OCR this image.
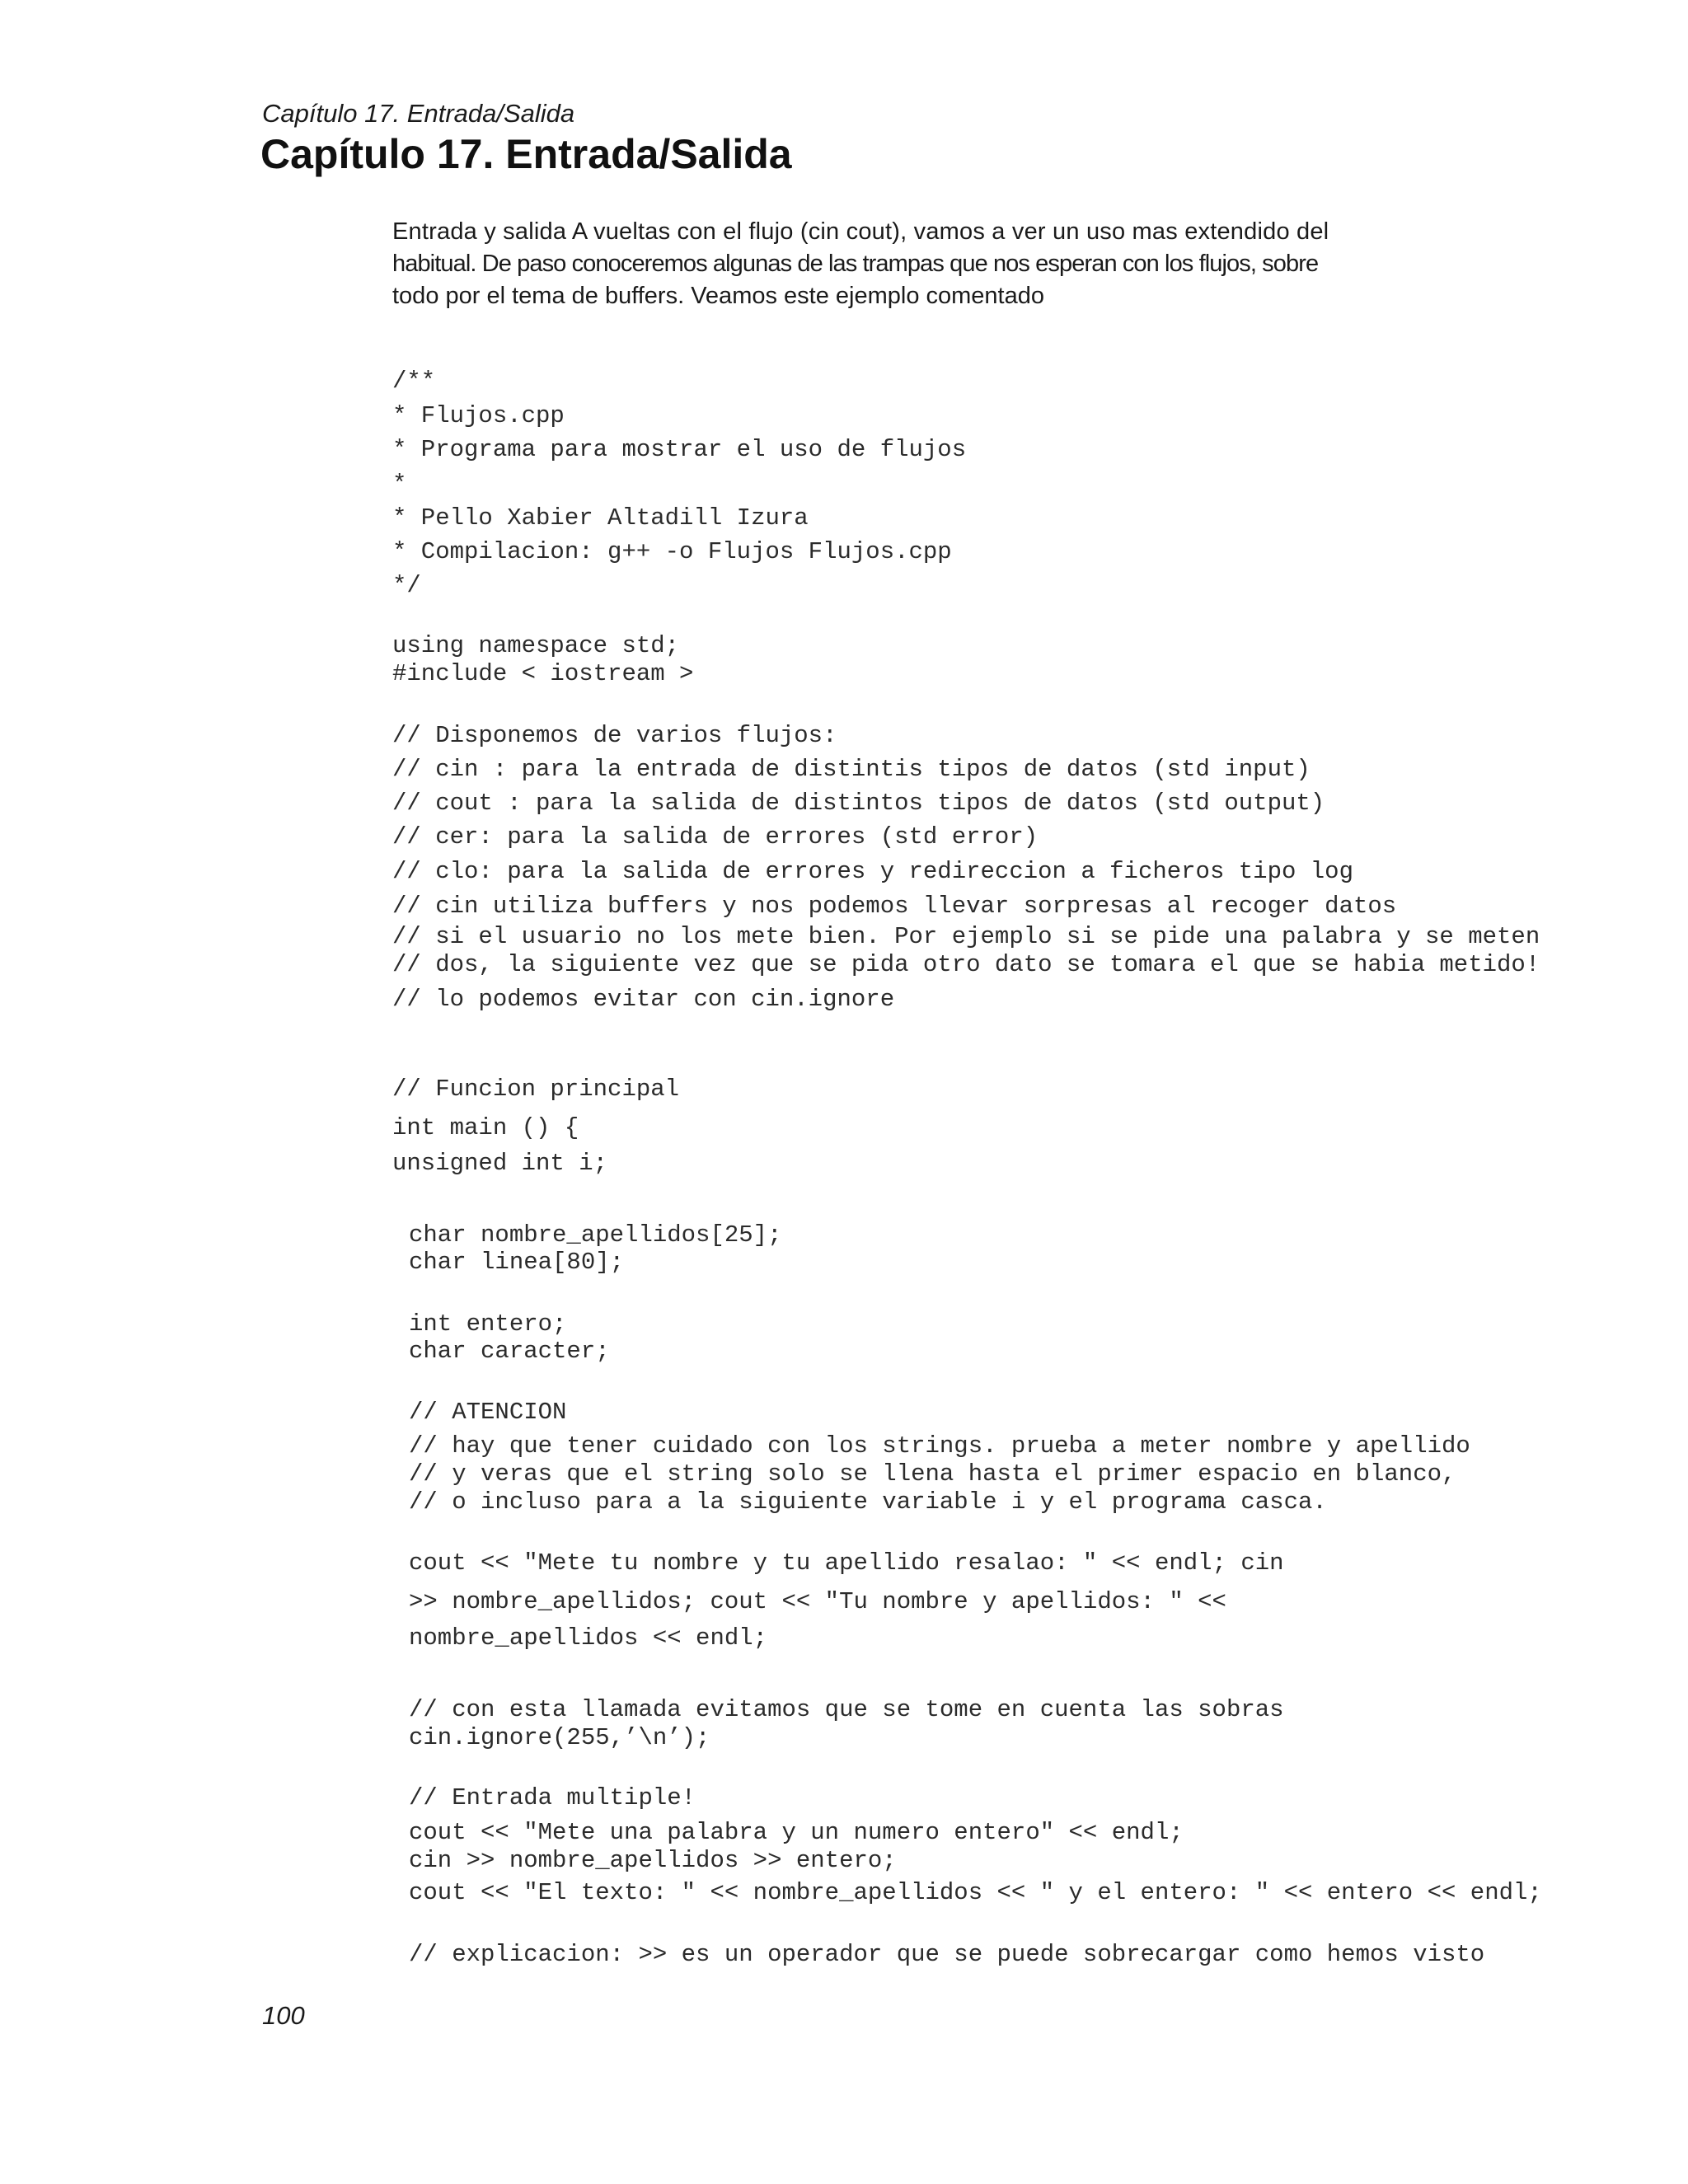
Capítulo 17. Entrada/Salida
Capítulo 17. Entrada/Salida
Entrada y salida A vueltas con el flujo (cin cout), vamos a ver un uso mas extendido del
habitual. De paso conoceremos algunas de las trampas que nos esperan con los flujos, sobre
todo por el tema de buffers. Veamos este ejemplo comentado
/**
* Flujos.cpp
* Programa para mostrar el uso de flujos
*
* Pello Xabier Altadill Izura
* Compilacion: g++ -o Flujos Flujos.cpp
*/
using namespace std;
#include < iostream >
// Disponemos de varios flujos:
// cin : para la entrada de distintis tipos de datos (std input)
// cout : para la salida de distintos tipos de datos (std output)
// cer: para la salida de errores (std error)
// clo: para la salida de errores y redireccion a ficheros tipo log
// cin utiliza buffers y nos podemos llevar sorpresas al recoger datos
// si el usuario no los mete bien. Por ejemplo si se pide una palabra y se meten
// dos, la siguiente vez que se pida otro dato se tomara el que se habia metido!
// lo podemos evitar con cin.ignore
// Funcion principal
int main () {
unsigned int i;
char nombre_apellidos[25];
char linea[80];
int entero;
char caracter;
// ATENCION
// hay que tener cuidado con los strings. prueba a meter nombre y apellido
// y veras que el string solo se llena hasta el primer espacio en blanco,
// o incluso para a la siguiente variable i y el programa casca.
cout << "Mete tu nombre y tu apellido resalao: " << endl; cin
>> nombre_apellidos; cout << "Tu nombre y apellidos: " <<
nombre_apellidos << endl;
// con esta llamada evitamos que se tome en cuenta las sobras
cin.ignore(255,’\n’);
// Entrada multiple!
cout << "Mete una palabra y un numero entero" << endl;
cin >> nombre_apellidos >> entero;
cout << "El texto: " << nombre_apellidos << " y el entero: " << entero << endl;
// explicacion: >> es un operador que se puede sobrecargar como hemos visto
100
